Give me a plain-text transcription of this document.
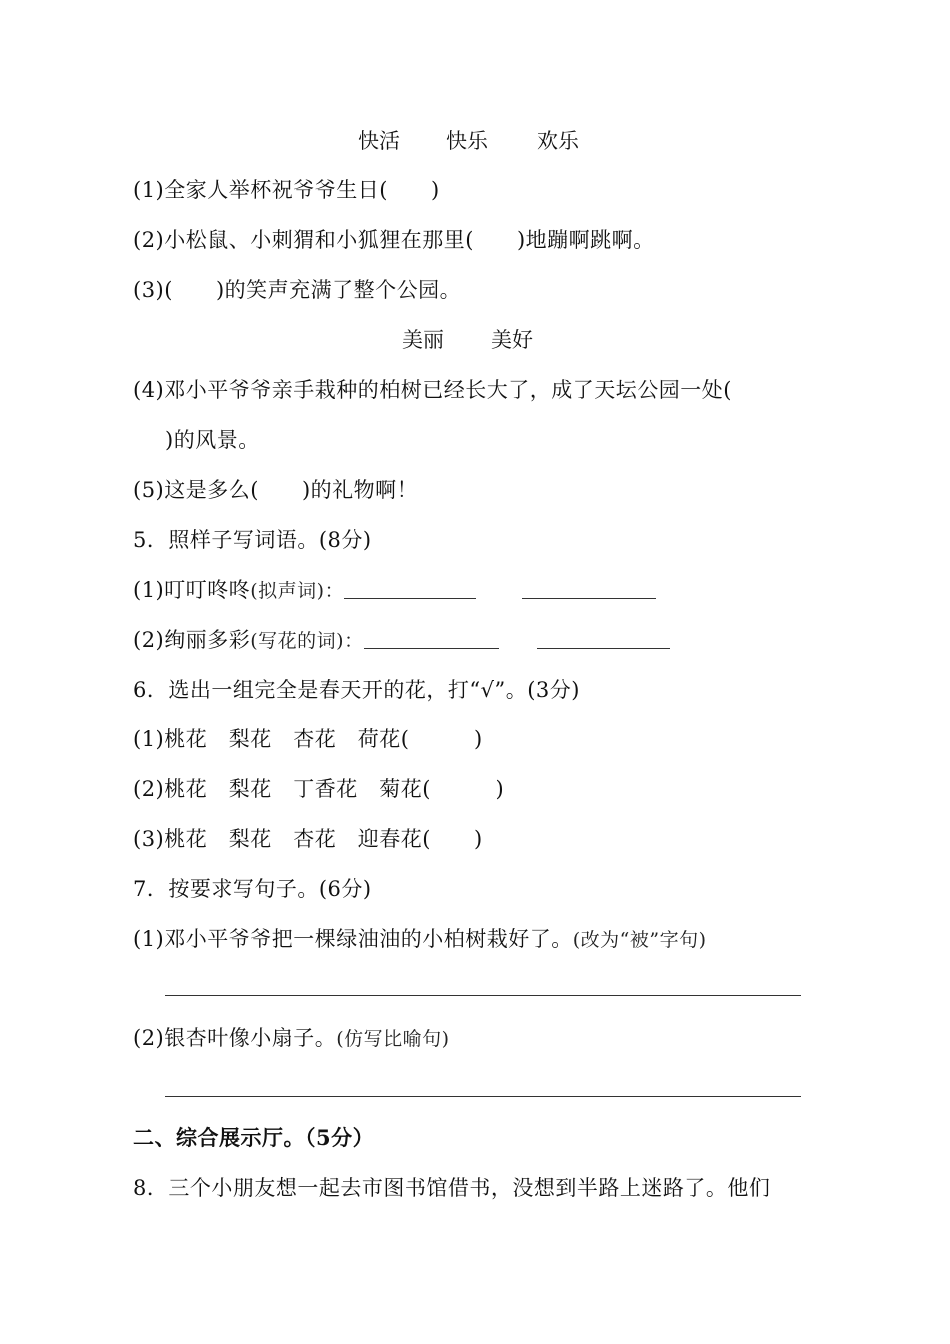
快活 快乐 欢乐
(1)全家人举杯祝爷爷生日(　　)
(2)小松鼠、小刺猬和小狐狸在那里(　　)地蹦啊跳啊。
(3)(　　)的笑声充满了整个公园。
美丽 美好
(4)邓小平爷爷亲手栽种的柏树已经长大了，成了天坛公园一处(
)的风景。
(5)这是多么(　　)的礼物啊！
5．照样子写词语。(8分)
(1)叮叮咚咚(拟声词)：
(2)绚丽多彩(写花的词)：
6．选出一组完全是春天开的花，打“√”。(3分)
(1)桃花　梨花　杏花　荷花(　　　)
(2)桃花　梨花　丁香花　菊花(　　　)
(3)桃花　梨花　杏花　迎春花(　　)
7．按要求写句子。(6分)
(1)邓小平爷爷把一棵绿油油的小柏树栽好了。(改为“被”字句)
(2)银杏叶像小扇子。(仿写比喻句)
二、综合展示厅。（5分）
8．三个小朋友想一起去市图书馆借书，没想到半路上迷路了。他们
